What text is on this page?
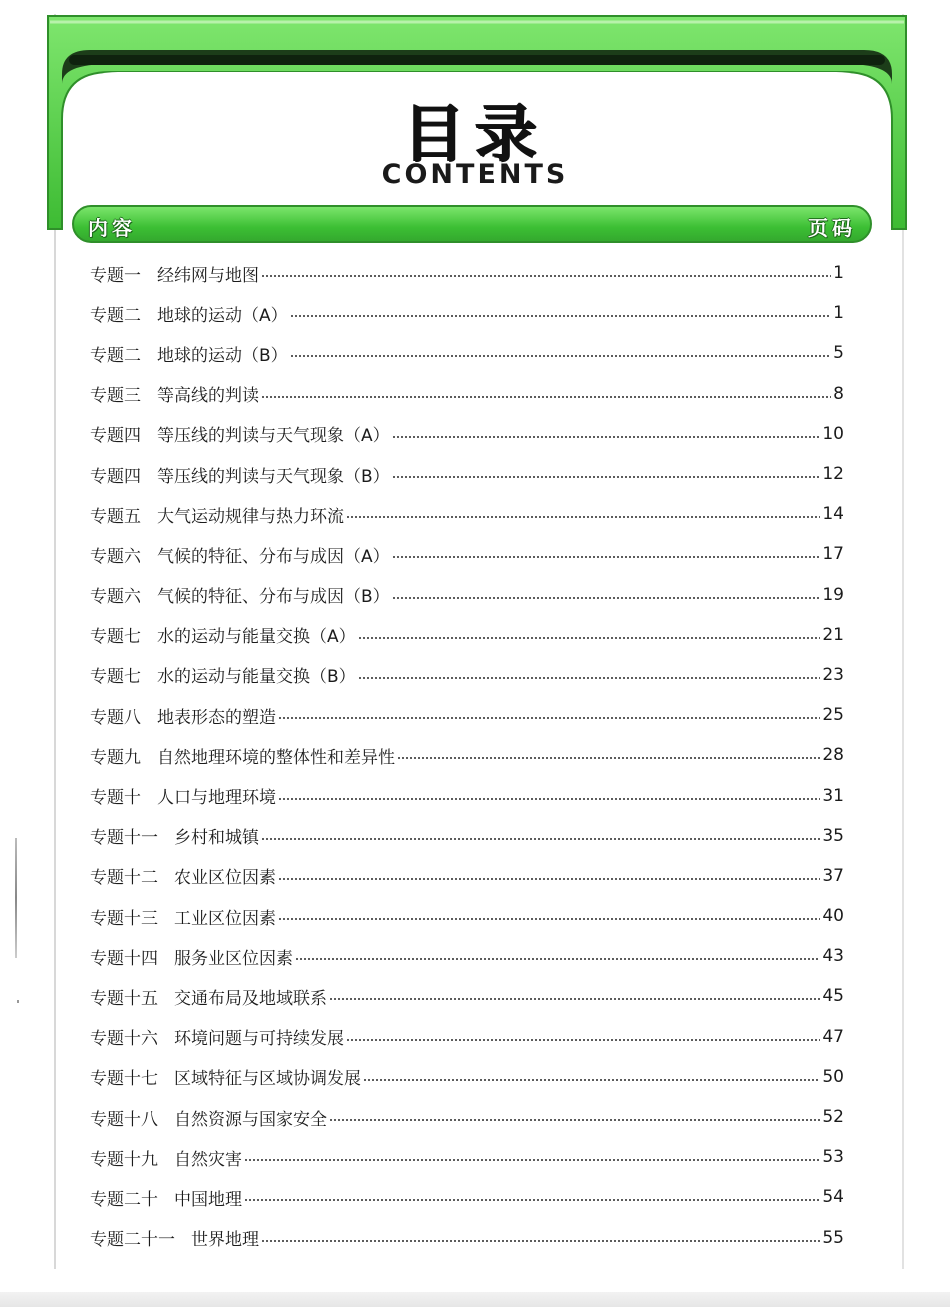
目录
CONTENTS
内容	页码
专题一 经纬网与地图	1
专题二 地球的运动（A）	1
专题二 地球的运动（B）	5
专题三 等高线的判读	8
专题四 等压线的判读与天气现象（A）	10
专题四 等压线的判读与天气现象（B）	12
专题五 大气运动规律与热力环流	14
专题六 气候的特征、分布与成因（A）	17
专题六 气候的特征、分布与成因（B）	19
专题七 水的运动与能量交换（A）	21
专题七 水的运动与能量交换（B）	23
专题八 地表形态的塑造	25
专题九 自然地理环境的整体性和差异性	28
专题十 人口与地理环境	31
专题十一 乡村和城镇	35
专题十二 农业区位因素	37
专题十三 工业区位因素	40
专题十四 服务业区位因素	43
专题十五 交通布局及地域联系	45
专题十六 环境问题与可持续发展	47
专题十七 区域特征与区域协调发展	50
专题十八 自然资源与国家安全	52
专题十九 自然灾害	53
专题二十 中国地理	54
专题二十一 世界地理	55
